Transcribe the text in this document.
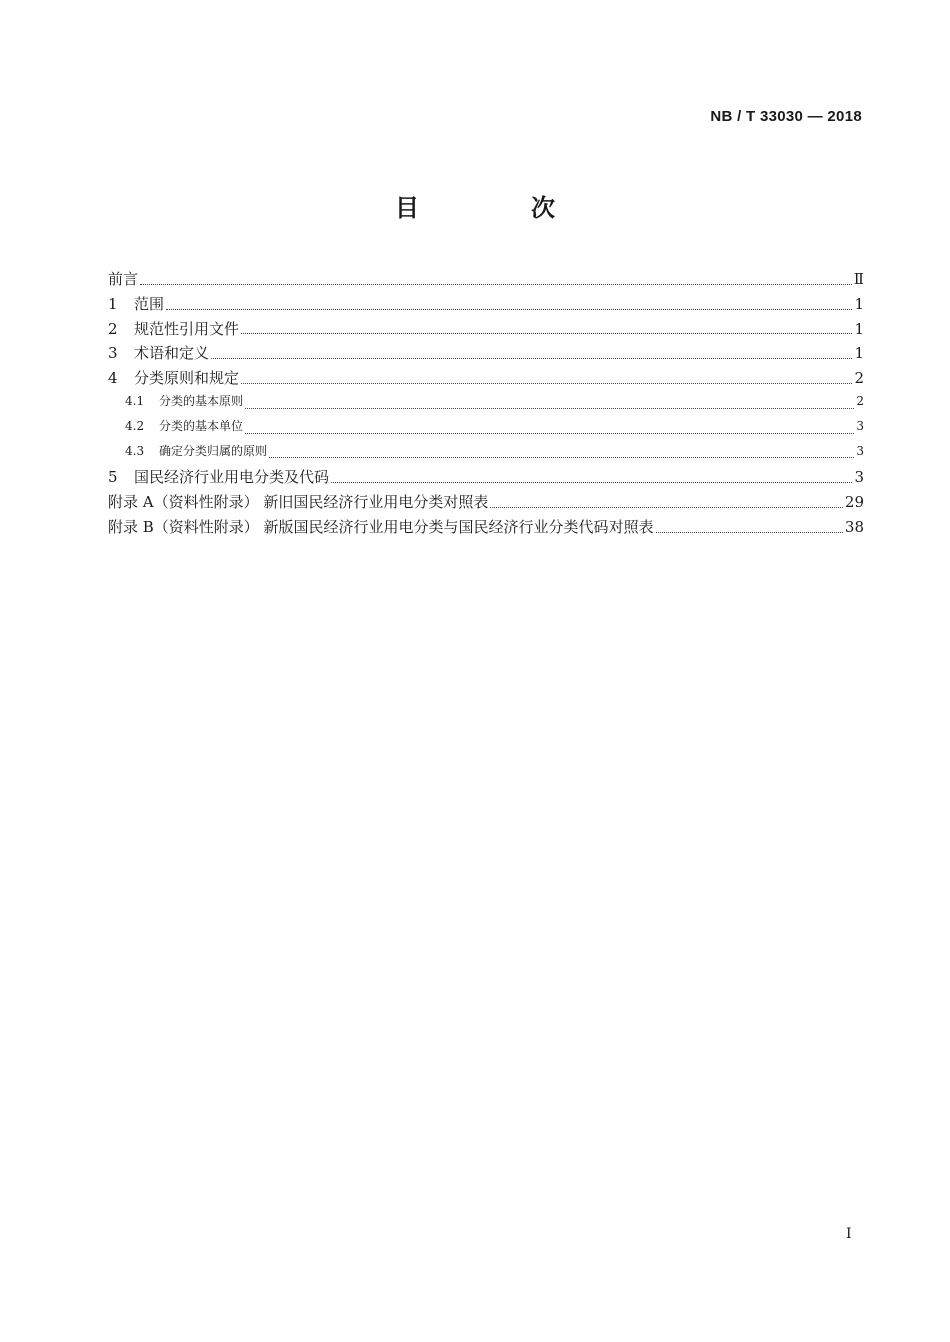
NB / T 33030 — 2018
目　次
前言	Ⅱ
1	范围	1
2	规范性引用文件	1
3	术语和定义	1
4	分类原则和规定	2
4.1	分类的基本原则	2
4.2	分类的基本单位	3
4.3	确定分类归属的原则	3
5	国民经济行业用电分类及代码	3
附录 A（资料性附录） 新旧国民经济行业用电分类对照表	29
附录 B（资料性附录） 新版国民经济行业用电分类与国民经济行业分类代码对照表	38
I
